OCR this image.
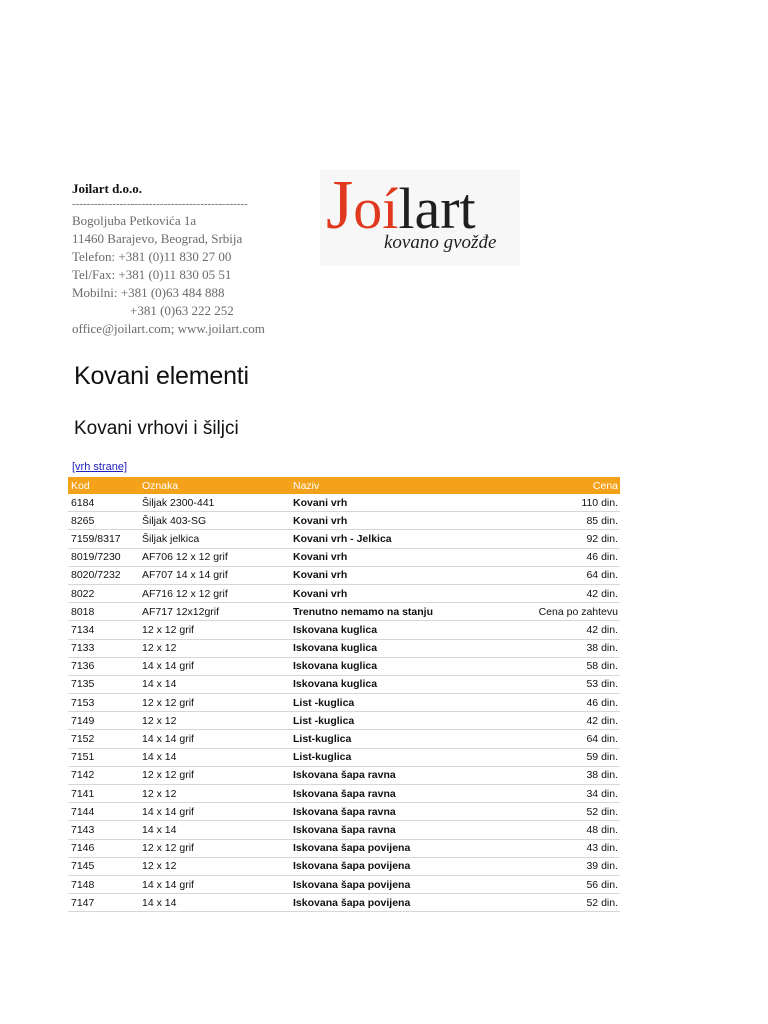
Joilart d.o.o.
------------------------------------------------
Bogoljuba Petkovića 1a
11460 Barajevo, Beograd, Srbija
Telefon: +381 (0)11 830 27 00
Tel/Fax: +381 (0)11 830 05 51
Mobilni: +381 (0)63 484 888
+381 (0)63 222 252
office@joilart.com; www.joilart.com
Joílart
kovano gvožđe
Kovani elementi
Kovani vrhovi i šiljci
[vrh strane]
Kod	Oznaka	Naziv	Cena
6184	Šiljak 2300-441	Kovani vrh	110 din.
8265	Šiljak 403-SG	Kovani vrh	85 din.
7159/8317	Šiljak jelkica	Kovani vrh - Jelkica	92 din.
8019/7230	AF706 12 x 12 grif	Kovani vrh	46 din.
8020/7232	AF707 14 x 14 grif	Kovani vrh	64 din.
8022	AF716 12 x 12 grif	Kovani vrh	42 din.
8018	AF717 12x12grif	Trenutno nemamo na stanju	Cena po zahtevu
7134	12 x 12 grif	Iskovana kuglica	42 din.
7133	12 x 12	Iskovana kuglica	38 din.
7136	14 x 14 grif	Iskovana kuglica	58 din.
7135	14 x 14	Iskovana kuglica	53 din.
7153	12 x 12 grif	List -kuglica	46 din.
7149	12 x 12	List -kuglica	42 din.
7152	14 x 14 grif	List-kuglica	64 din.
7151	14 x 14	List-kuglica	59 din.
7142	12 x 12 grif	Iskovana šapa ravna	38 din.
7141	12 x 12	Iskovana šapa ravna	34 din.
7144	14 x 14 grif	Iskovana šapa ravna	52 din.
7143	14 x 14	Iskovana šapa ravna	48 din.
7146	12 x 12 grif	Iskovana šapa povijena	43 din.
7145	12 x 12	Iskovana šapa povijena	39 din.
7148	14 x 14 grif	Iskovana šapa povijena	56 din.
7147	14 x 14	Iskovana šapa povijena	52 din.
